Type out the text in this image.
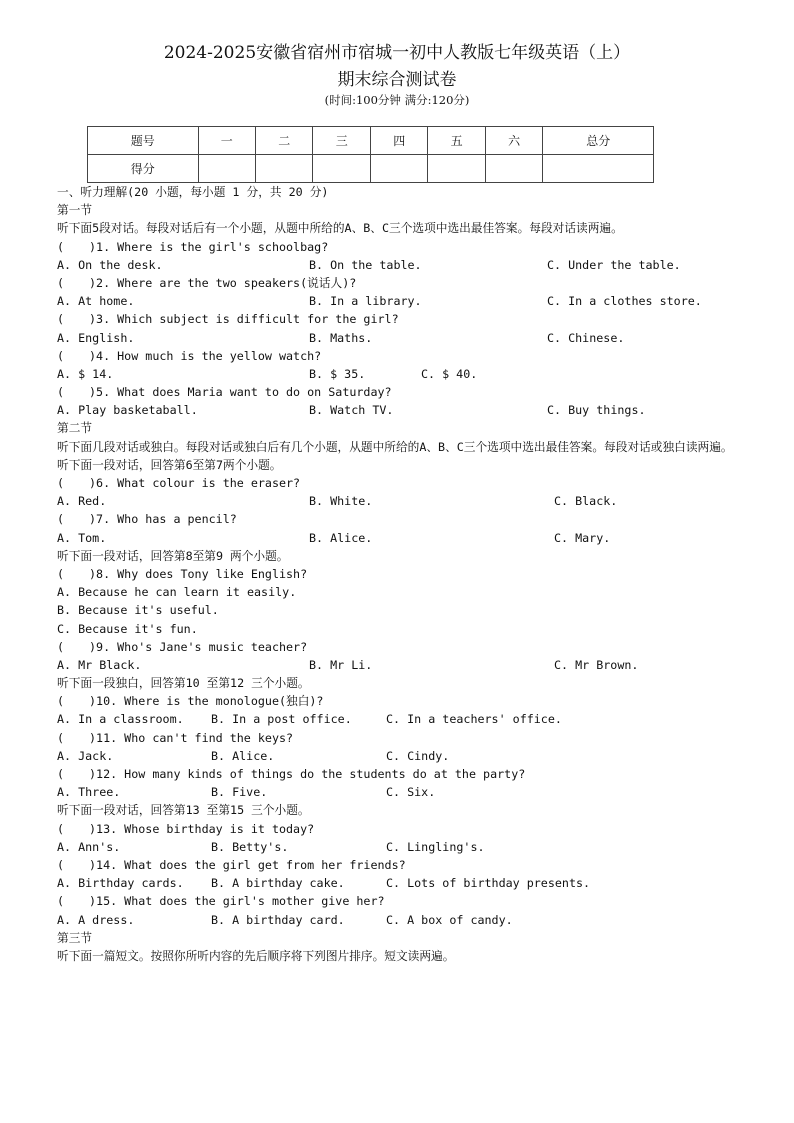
2024-2025安徽省宿州市宿城一初中人教版七年级英语（上）
期末综合测试卷
(时间:100分钟 满分:120分)
题号	一	二	三	四	五	六	总分
得分							
一、听力理解(20 小题，每小题 1 分，共 20 分)
第一节
听下面5段对话。每段对话后有一个小题，从题中所给的A、B、C三个选项中选出最佳答案。每段对话读两遍。
( )1. Where is the girl's schoolbag?
A. On the desk.	B. On the table.	C. Under the table.
( )2. Where are the two speakers(说话人)?
A. At home.	B. In a library.	C. In a clothes store.
( )3. Which subject is difficult for the girl?
A. English.	B. Maths.	C. Chinese.
( )4. How much is the yellow watch?
A. $ 14.	B. $ 35.	C. $ 40.
( )5. What does Maria want to do on Saturday?
A. Play basketaball.	B. Watch TV.	C. Buy things.
第二节
听下面几段对话或独白。每段对话或独白后有几个小题，从题中所给的A、B、C三个选项中选出最佳答案。每段对话或独白读两遍。
听下面一段对话，回答第6至第7两个小题。
( )6. What colour is the eraser?
A. Red.	B. White.	C. Black.
( )7. Who has a pencil?
A. Tom.	B. Alice.	C. Mary.
听下面一段对话，回答第8至第9 两个小题。
( )8. Why does Tony like English?
A. Because he can learn it easily.
B. Because it's useful.
C. Because it's fun.
( )9. Who's Jane's music teacher?
A. Mr Black.	B. Mr Li.	C. Mr Brown.
听下面一段独白，回答第10 至第12 三个小题。
( )10. Where is the monologue(独白)?
A. In a classroom. B. In a post office.	C. In a teachers' office.
( )11. Who can't find the keys?
A. Jack.	B. Alice.	C. Cindy.
( )12. How many kinds of things do the students do at the party?
A. Three.	B. Five.	C. Six.
听下面一段对话，回答第13 至第15 三个小题。
( )13. Whose birthday is it today?
A. Ann's.	B. Betty's.	C. Lingling's.
( )14. What does the girl get from her friends?
A. Birthday cards. B. A birthday cake.	C. Lots of birthday presents.
( )15. What does the girl's mother give her?
A. A dress.	B. A birthday card.	C. A box of candy.
第三节
听下面一篇短文。按照你所听内容的先后顺序将下列图片排序。短文读两遍。
